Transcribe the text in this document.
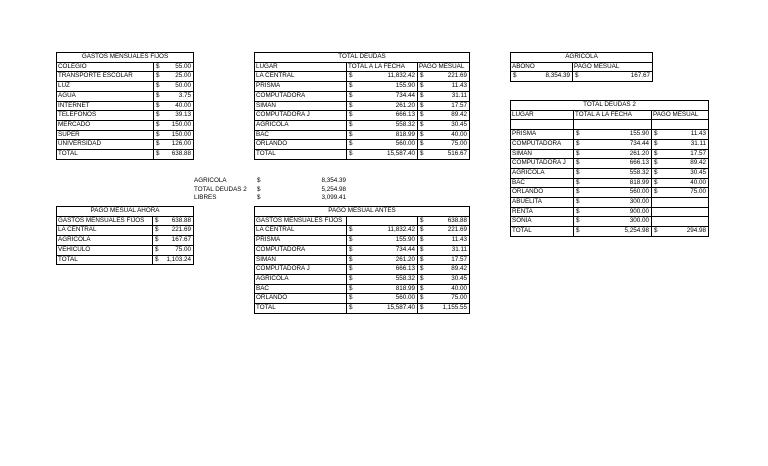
GASTOS MENSUALES FIJOS	
COLEGIO	$ 55.00

TRANSPORTE ESCOLAR	$ 25.00

LUZ	$ 50.00

AGUA	$ 3.75

INTERNET	$ 40.00

TELEFONOS	$ 39.13

MERCADO	$ 150.00

SUPER	$ 150.00

UNIVERSIDAD	$ 126.00

TOTAL	$ 638.88
TOTAL DEUDAS		
LUGAR	TOTAL A LA FECHA	PAGO MESUAL
LA CENTRAL	$ 11,832.42	$ 221.69

PRISMA	$ 155.90	$ 11.43

COMPUTADORA	$ 734.44	$ 31.11

SIMAN	$ 261.20	$ 17.57

COMPUTADORA J	$ 666.13	$ 89.42

AGRICOLA	$ 558.32	$ 30.45

BAC	$ 818.99	$ 40.00

ORLANDO	$ 560.00	$ 75.00

TOTAL	$ 15,587.40	$ 516.67
AGRICOLA	
ABONO	PAGO MESUAL

$ 8,354.39	$ 167.67
TOTAL DEUDAS 2		
LUGAR	TOTAL A LA FECHA	PAGO MESUAL

PRISMA	$ 155.90	$ 11.43

COMPUTADORA	$ 734.44	$ 31.11

SIMAN	$ 261.20	$ 17.57

COMPUTADORA J	$ 666.13	$ 89.42

AGRICOLA	$ 558.32	$ 30.45

BAC	$ 818.99	$ 40.00

ORLANDO	$ 560.00	$ 75.00

ABUELITA	$ 300.00	

RENTA	$ 900.00	

SONIA	$ 300.00	

TOTAL	$ 5,254.98	$ 294.98
AGRICOLA	$ 8,354.39

TOTAL DEUDAS 2	$ 5,254.98

LIBRES	$ 3,099.41
PAGO MESUAL AHORA	
GASTOS MENSUALES FIJOS	$ 638.88

LA CENTRAL	$ 221.69

AGRICOLA	$ 167.67

VEHICULO	$ 75.00

TOTAL	$ 1,103.24
PAGO MESUAL ANTES		
GASTOS MENSUALES FIJOS		$ 638.88

LA CENTRAL	$ 11,832.42	$ 221.69

PRISMA	$ 155.90	$ 11.43

COMPUTADORA	$ 734.44	$ 31.11

SIMAN	$ 261.20	$ 17.57

COMPUTADORA J	$ 666.13	$ 89.42

AGRICOLA	$ 558.32	$ 30.45

BAC	$ 818.99	$ 40.00

ORLANDO	$ 560.00	$ 75.00

TOTAL	$ 15,587.40	$ 1,155.55
